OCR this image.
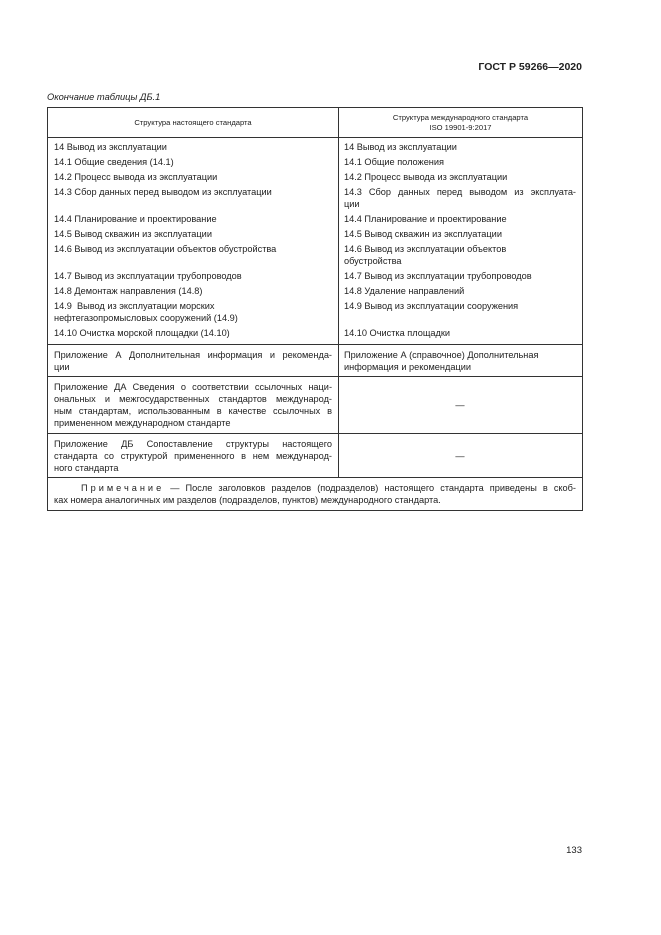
ГОСТ Р 59266—2020
Окончание таблицы ДБ.1
Структура настоящего стандарта	Структура международного стандарта
ISO 19901-9:2017

14 Вывод из эксплуатации	14 Вывод из эксплуатации

14.1 Общие сведения (14.1)	14.1 Общие положения

14.2 Процесс вывода из эксплуатации	14.2 Процесс вывода из эксплуатации

14.3 Сбор данных перед выводом из эксплуатации	14.3 Сбор данных перед выводом из эксплуата-
ции

14.4 Планирование и проектирование	14.4 Планирование и проектирование

14.5 Вывод скважин из эксплуатации	14.5 Вывод скважин из эксплуатации

14.6 Вывод из эксплуатации объектов обустройства	14.6 Вывод из эксплуатации объектов
обустройства

14.7 Вывод из эксплуатации трубопроводов	14.7 Вывод из эксплуатации трубопроводов

14.8 Демонтаж направления (14.8)	14.8 Удаление направлений

14.9  Вывод из эксплуатации морских
нефтегазопромысловых сооружений (14.9)	14.9 Вывод из эксплуатации сооружения

14.10 Очистка морской площадки (14.10)	14.10 Очистка площадки

Приложение А Дополнительная информация и рекоменда-
ции	Приложение А (справочное) Дополнительная
информация и рекомендации

Приложение ДА Сведения о соответствии ссылочных наци-
ональных и межгосударственных стандартов международ-
ным стандартам, использованным в качестве ссылочных в
примененном международном стандарте	—

Приложение ДБ Сопоставление структуры настоящего
стандарта со структурой примененного в нем международ-
ного стандарта	—

Примечание — После заголовков разделов (подразделов) настоящего стандарта приведены в скоб-
ках номера аналогичных им разделов (подразделов, пунктов) международного стандарта.	
133
